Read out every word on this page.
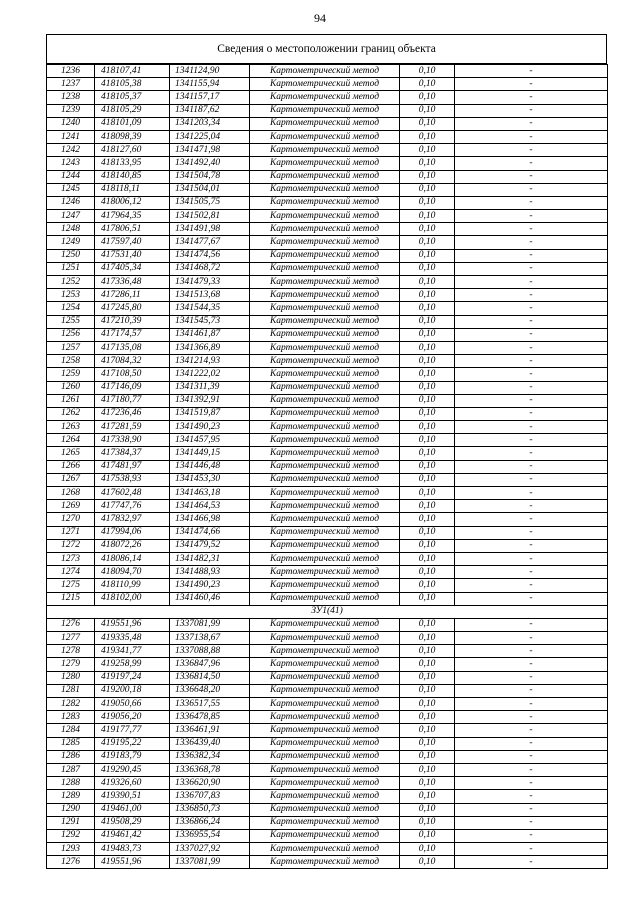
94
Сведения о местоположении границ объекта
1236	418107,41	1341124,90	Картометрический метод	0,10	-
1237	418105,38	1341155,94	Картометрический метод	0,10	-
1238	418105,37	1341157,17	Картометрический метод	0,10	-
1239	418105,29	1341187,62	Картометрический метод	0,10	-
1240	418101,09	1341203,34	Картометрический метод	0,10	-
1241	418098,39	1341225,04	Картометрический метод	0,10	-
1242	418127,60	1341471,98	Картометрический метод	0,10	-
1243	418133,95	1341492,40	Картометрический метод	0,10	-
1244	418140,85	1341504,78	Картометрический метод	0,10	-
1245	418118,11	1341504,01	Картометрический метод	0,10	-
1246	418006,12	1341505,75	Картометрический метод	0,10	-
1247	417964,35	1341502,81	Картометрический метод	0,10	-
1248	417806,51	1341491,98	Картометрический метод	0,10	-
1249	417597,40	1341477,67	Картометрический метод	0,10	-
1250	417531,40	1341474,56	Картометрический метод	0,10	-
1251	417405,34	1341468,72	Картометрический метод	0,10	-
1252	417336,48	1341479,33	Картометрический метод	0,10	-
1253	417286,11	1341513,68	Картометрический метод	0,10	-
1254	417245,80	1341544,35	Картометрический метод	0,10	-
1255	417210,39	1341545,73	Картометрический метод	0,10	-
1256	417174,57	1341461,87	Картометрический метод	0,10	-
1257	417135,08	1341366,89	Картометрический метод	0,10	-
1258	417084,32	1341214,93	Картометрический метод	0,10	-
1259	417108,50	1341222,02	Картометрический метод	0,10	-
1260	417146,09	1341311,39	Картометрический метод	0,10	-
1261	417180,77	1341392,91	Картометрический метод	0,10	-
1262	417236,46	1341519,87	Картометрический метод	0,10	-
1263	417281,59	1341490,23	Картометрический метод	0,10	-
1264	417338,90	1341457,95	Картометрический метод	0,10	-
1265	417384,37	1341449,15	Картометрический метод	0,10	-
1266	417481,97	1341446,48	Картометрический метод	0,10	-
1267	417538,93	1341453,30	Картометрический метод	0,10	-
1268	417602,48	1341463,18	Картометрический метод	0,10	-
1269	417747,76	1341464,53	Картометрический метод	0,10	-
1270	417832,97	1341466,98	Картометрический метод	0,10	-
1271	417994,06	1341474,66	Картометрический метод	0,10	-
1272	418072,26	1341479,52	Картометрический метод	0,10	-
1273	418086,14	1341482,31	Картометрический метод	0,10	-
1274	418094,70	1341488,93	Картометрический метод	0,10	-
1275	418110,99	1341490,23	Картометрический метод	0,10	-
1215	418102,00	1341460,46	Картометрический метод	0,10	-
ЗУ1(41)					
1276	419551,96	1337081,99	Картометрический метод	0,10	-
1277	419335,48	1337138,67	Картометрический метод	0,10	-
1278	419341,77	1337088,88	Картометрический метод	0,10	-
1279	419258,99	1336847,96	Картометрический метод	0,10	-
1280	419197,24	1336814,50	Картометрический метод	0,10	-
1281	419200,18	1336648,20	Картометрический метод	0,10	-
1282	419050,66	1336517,55	Картометрический метод	0,10	-
1283	419056,20	1336478,85	Картометрический метод	0,10	-
1284	419177,77	1336461,91	Картометрический метод	0,10	-
1285	419195,22	1336439,40	Картометрический метод	0,10	-
1286	419183,79	1336382,34	Картометрический метод	0,10	-
1287	419290,45	1336368,78	Картометрический метод	0,10	-
1288	419326,60	1336620,90	Картометрический метод	0,10	-
1289	419390,51	1336707,83	Картометрический метод	0,10	-
1290	419461,00	1336850,73	Картометрический метод	0,10	-
1291	419508,29	1336866,24	Картометрический метод	0,10	-
1292	419461,42	1336955,54	Картометрический метод	0,10	-
1293	419483,73	1337027,92	Картометрический метод	0,10	-
1276	419551,96	1337081,99	Картометрический метод	0,10	-
